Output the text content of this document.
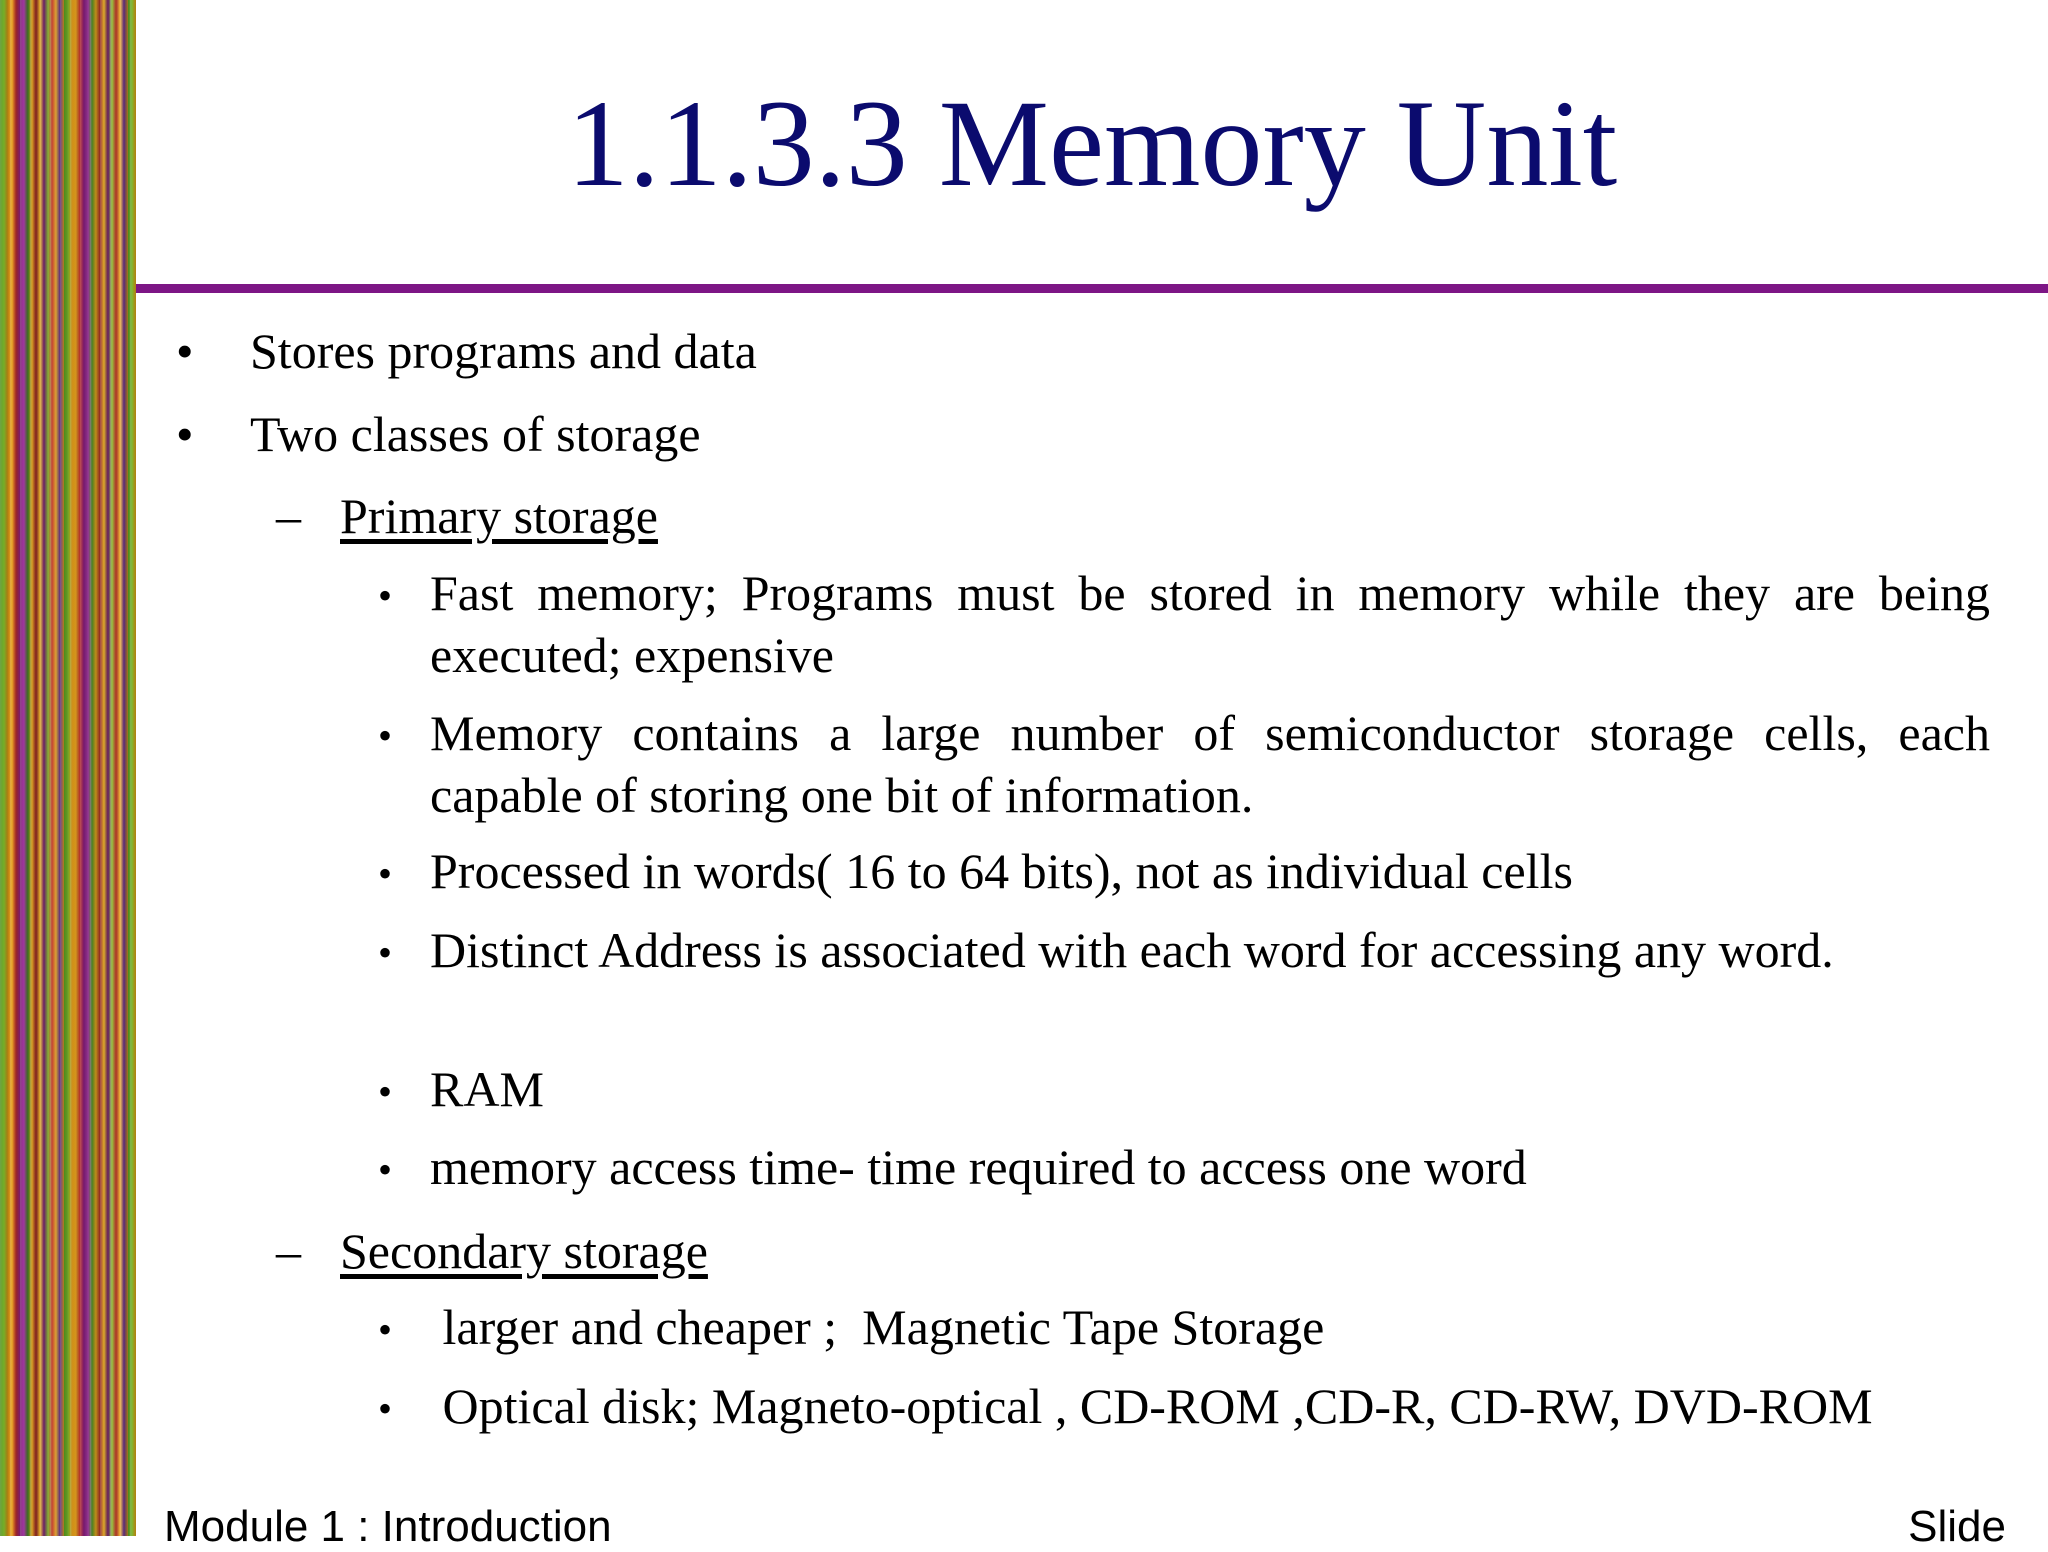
1.1.3.3 Memory Unit
• Stores programs and data
• Two classes of storage
– Primary storage
• Fast memory; Programs must be stored in memory while they are being executed; expensive
• Memory contains a large number of semiconductor storage cells, each capable of storing one bit of information.
• Processed in words( 16 to 64 bits), not as individual cells
• Distinct Address is associated with each word for accessing any word.
• RAM
• memory access time- time required to access one word
– Secondary storage
• larger and cheaper ;  Magnetic Tape Storage
• Optical disk; Magneto-optical , CD-ROM ,CD-R, CD-RW, DVD-ROM
Module 1 : Introduction	Slide
